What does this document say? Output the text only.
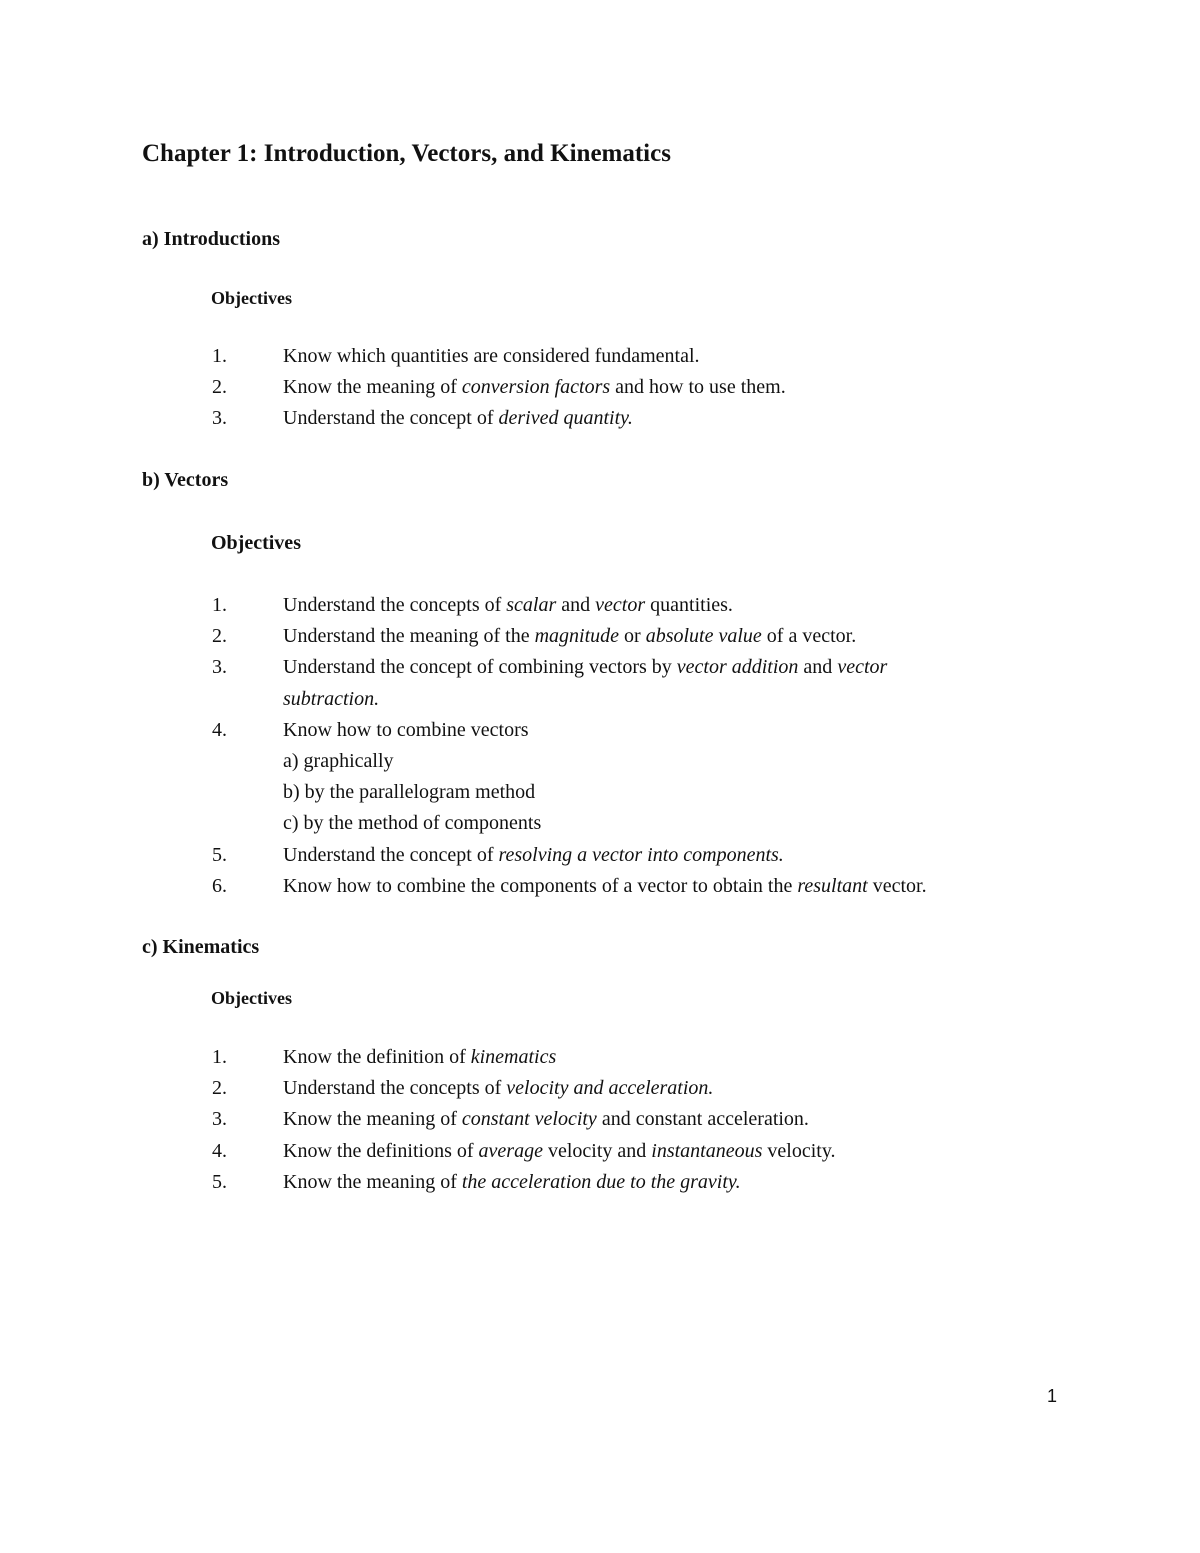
Chapter 1: Introduction, Vectors, and Kinematics
a) Introductions
Objectives
1.	Know which quantities are considered fundamental.
2.	Know the meaning of conversion factors and how to use them.
3.	Understand the concept of derived quantity.
b) Vectors
Objectives
1.	Understand the concepts of scalar and vector quantities.
2.	Understand the meaning of the magnitude or absolute value of a vector.
3.	Understand the concept of combining vectors by vector addition and vector
subtraction.
4.	Know how to combine vectors
a) graphically
b) by the parallelogram method
c) by the method of components
5.	Understand the concept of resolving a vector into components.
6.	Know how to combine the components of a vector to obtain the resultant vector.
c) Kinematics
Objectives
1.	Know the definition of kinematics
2.	Understand the concepts of velocity and acceleration.
3.	Know the meaning of constant velocity and constant acceleration.
4.	Know the definitions of average velocity and instantaneous velocity.
5.	Know the meaning of the acceleration due to the gravity.
1
